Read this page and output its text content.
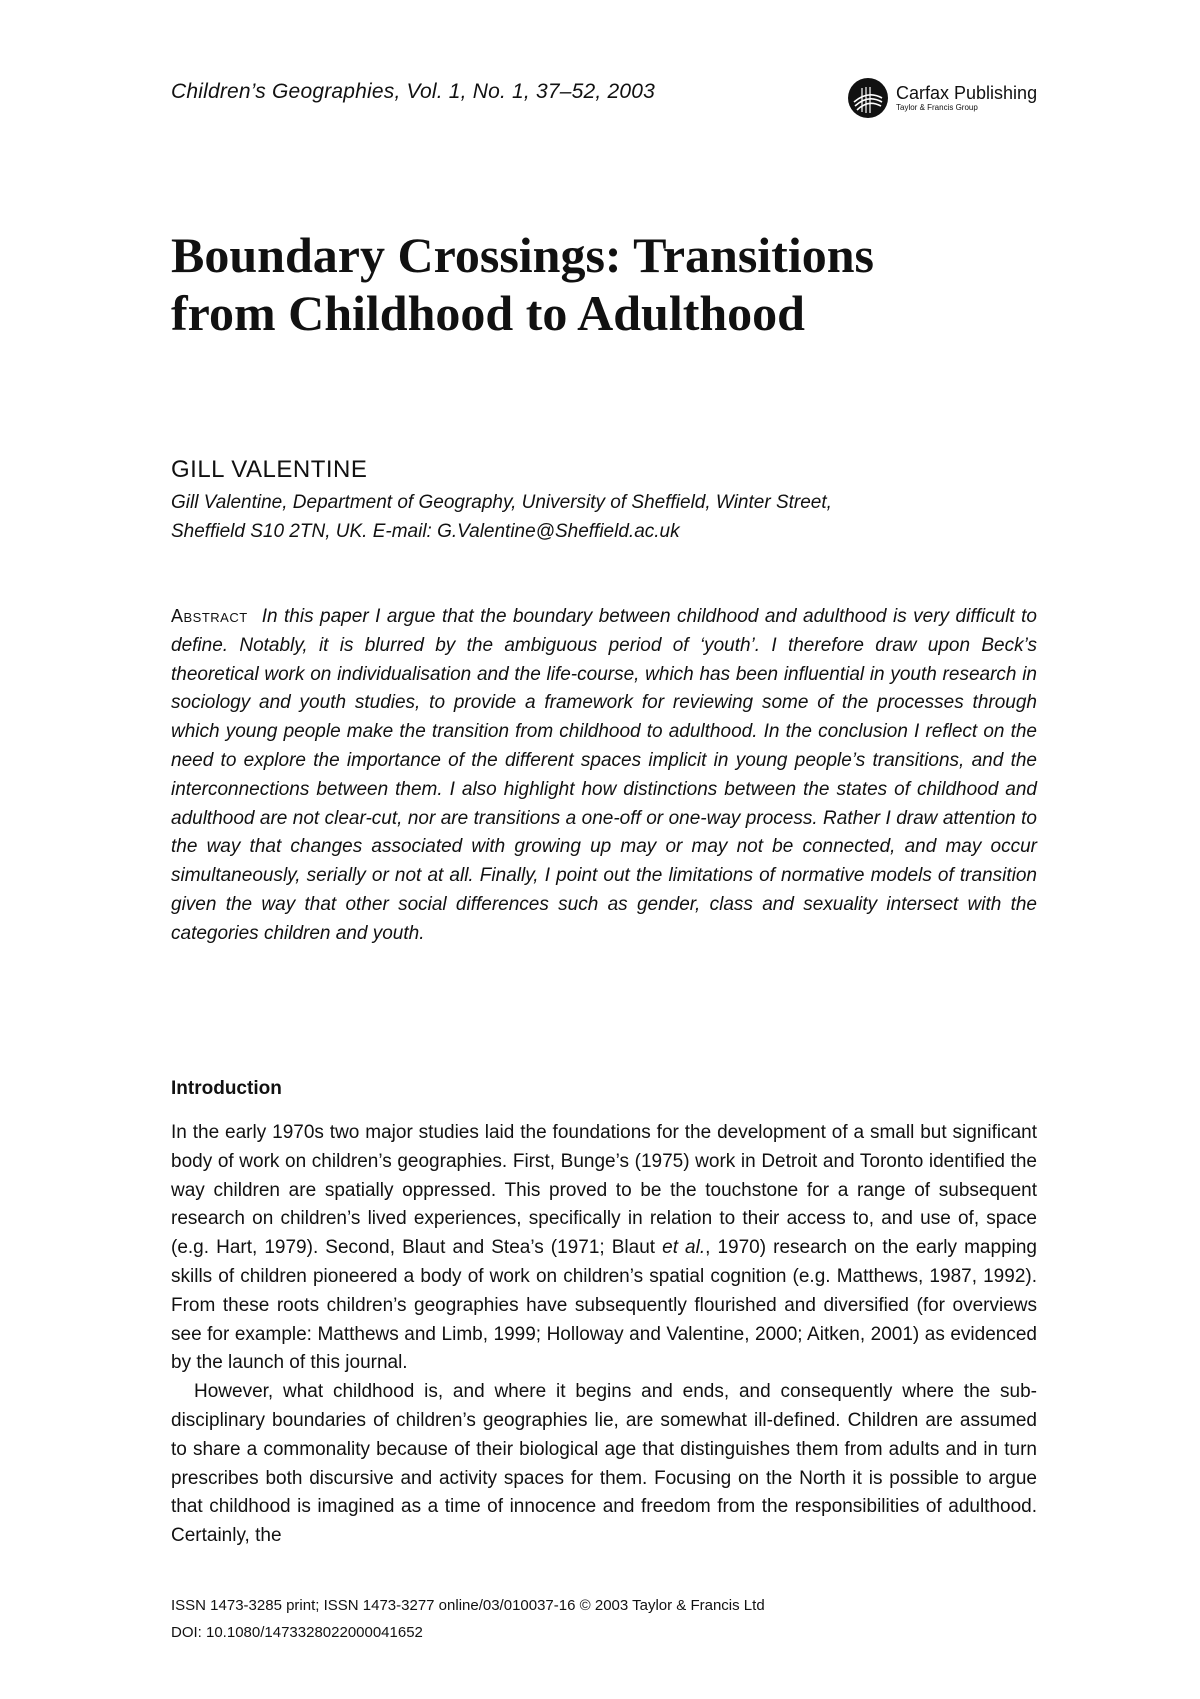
Children’s Geographies, Vol. 1, No. 1, 37–52, 2003	Carfax Publishing
Taylor & Francis Group
Boundary Crossings: Transitions
from Childhood to Adulthood
GILL VALENTINE
Gill Valentine, Department of Geography, University of Sheffield, Winter Street,
Sheffield S10 2TN, UK. E-mail: G.Valentine@Sheffield.ac.uk
Abstract In this paper I argue that the boundary between childhood and adulthood is very difficult to define. Notably, it is blurred by the ambiguous period of ‘youth’. I therefore draw upon Beck’s theoretical work on individualisation and the life-course, which has been influential in youth research in sociology and youth studies, to provide a framework for reviewing some of the processes through which young people make the transition from childhood to adulthood. In the conclusion I reflect on the need to explore the importance of the different spaces implicit in young people’s transitions, and the interconnections between them. I also highlight how distinctions between the states of childhood and adulthood are not clear-cut, nor are transitions a one-off or one-way process. Rather I draw attention to the way that changes associated with growing up may or may not be connected, and may occur simultaneously, serially or not at all. Finally, I point out the limitations of normative models of transition given the way that other social differences such as gender, class and sexuality intersect with the categories children and youth.
Introduction

In the early 1970s two major studies laid the foundations for the development of a small but significant body of work on children’s geographies. First, Bunge’s (1975) work in Detroit and Toronto identified the way children are spatially oppressed. This proved to be the touchstone for a range of subsequent research on children’s lived experiences, specifically in relation to their access to, and use of, space (e.g. Hart, 1979). Second, Blaut and Stea’s (1971; Blaut et al., 1970) research on the early mapping skills of children pioneered a body of work on children’s spatial cognition (e.g. Matthews, 1987, 1992). From these roots children’s geographies have subsequently flourished and diversified (for overviews see for example: Matthews and Limb, 1999; Holloway and Valentine, 2000; Aitken, 2001) as evidenced by the launch of this journal.

However, what childhood is, and where it begins and ends, and consequently where the sub-disciplinary boundaries of children’s geographies lie, are somewhat ill-defined. Children are assumed to share a commonality because of their biological age that distinguishes them from adults and in turn prescribes both discursive and activity spaces for them. Focusing on the North it is possible to argue that childhood is imagined as a time of innocence and freedom from the responsibilities of adulthood. Certainly, the

ISSN 1473-3285 print; ISSN 1473-3277 online/03/010037-16 © 2003 Taylor & Francis Ltd
DOI: 10.1080/1473328022000041652
